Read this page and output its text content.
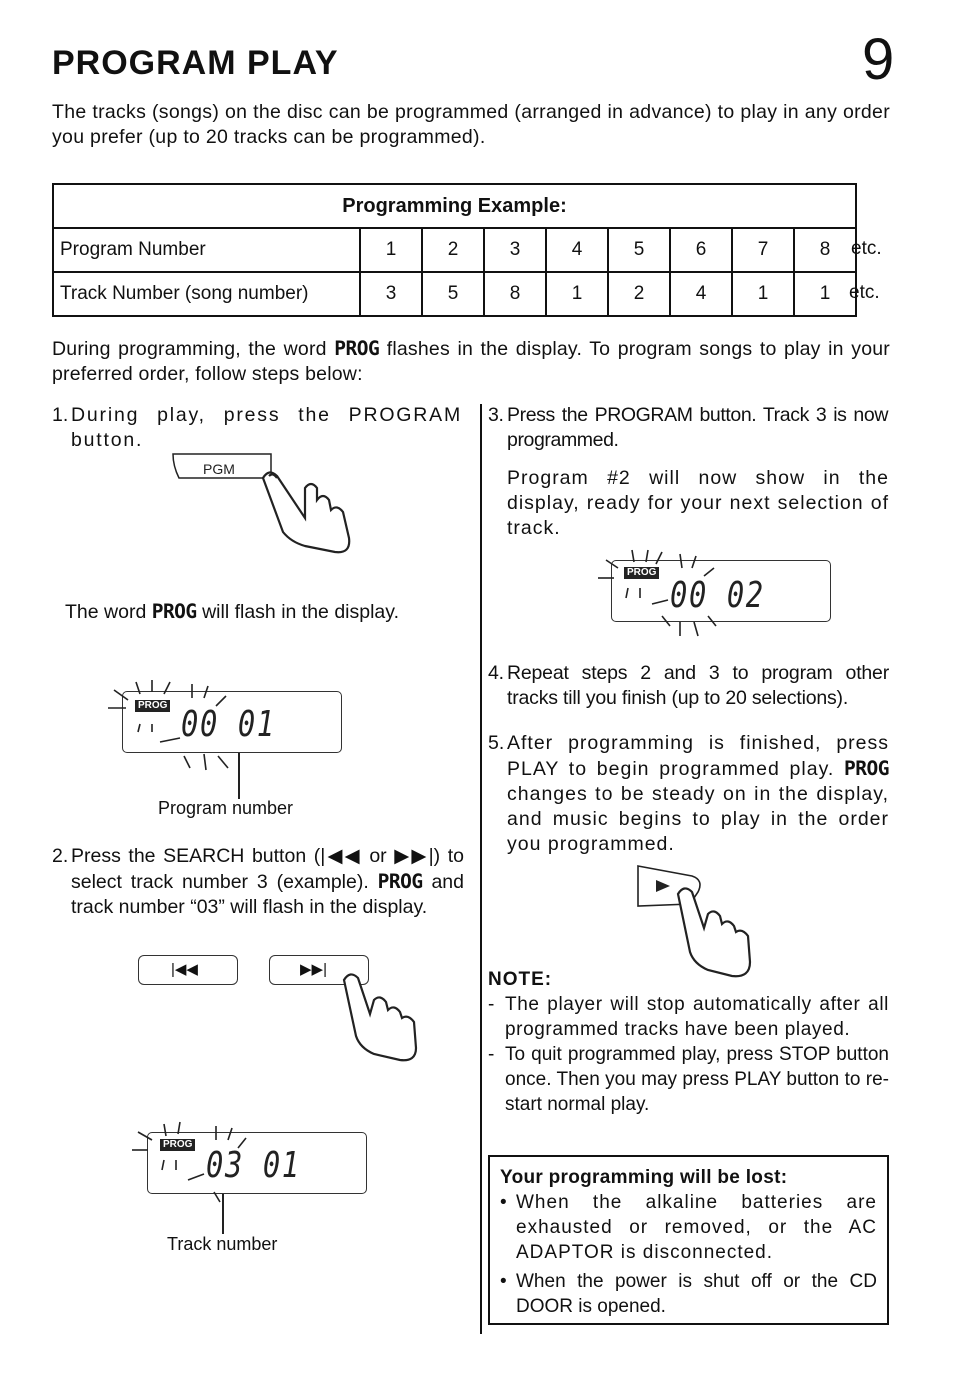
PROGRAM PLAY	9
The tracks (songs) on the disc can be programmed (arranged in advance) to play in any order you prefer (up to 20 tracks can be programmed).
Programming Example:								
Program Number	1	2	3	4	5	6	7	8
Track Number (song number)	3	5	8	1	2	4	1	1
etc.
etc.
During programming, the word PROG flashes in the display. To program songs to play in your preferred order, follow steps below:
1. During play, press the PROGRAM button.
PGM
The word PROG will flash in the display.
PROG 00 01
Program number
2. Press the SEARCH button (|◀◀ or ▶▶|) to select track number 3 (example). PROG and track number “03” will flash in the display.
|◀◀	▶▶|
PROG
03 01
Track number
3. Press the PROGRAM button. Track 3 is now programmed.
Program #2 will now show in the display, ready for your next selection of track.
PROG
00 02
4. Repeat steps 2 and 3 to program other tracks till you finish (up to 20 selections).
5. After programming is finished, press PLAY to begin programmed play. PROG changes to be steady on in the display, and music begins to play in the order you programmed.
NOTE:
- The player will stop automatically after all programmed tracks have been played.
- To quit programmed play, press STOP button once. Then you may press PLAY button to re-start normal play.
Your programming will be lost:
• When the alkaline batteries are exhausted or removed, or the AC ADAPTOR is disconnected.
• When the power is shut off or the CD DOOR is opened.
